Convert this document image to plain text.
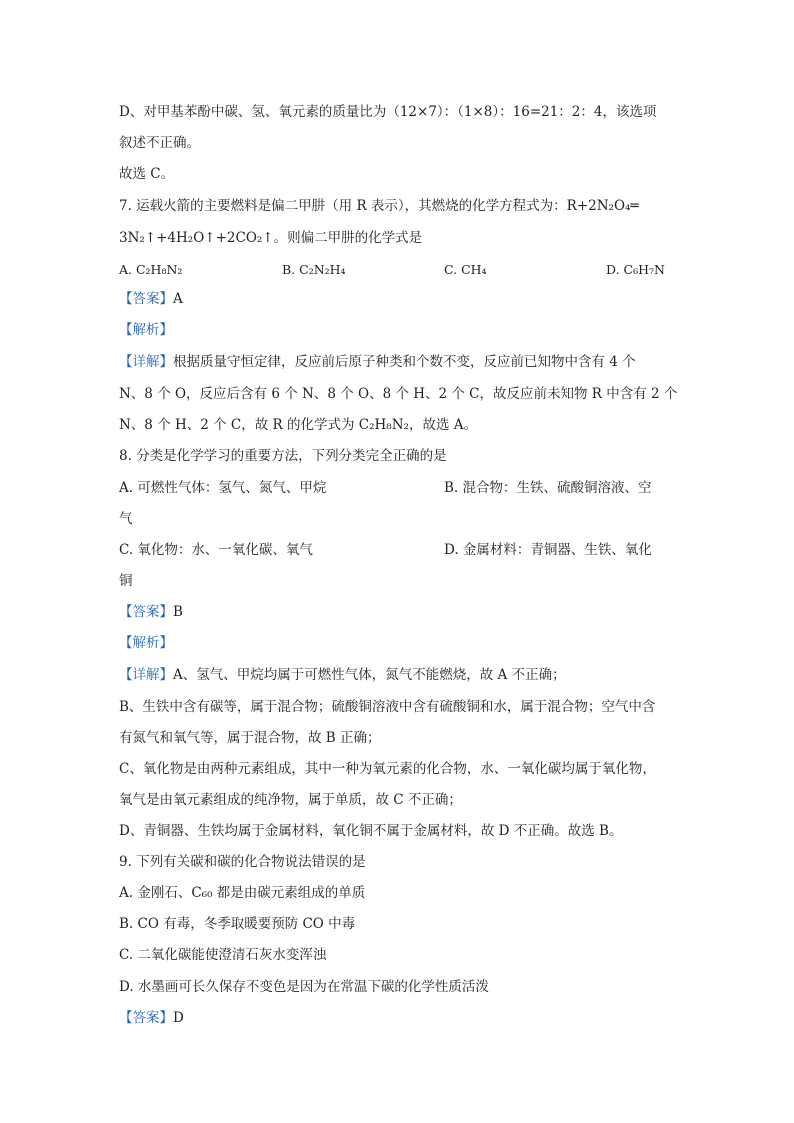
D、对甲基苯酚中碳、氢、氧元素的质量比为（12×7）：（1×8）：16=21：2：4，该选项
叙述不正确。
故选 C。
7. 运载火箭的主要燃料是偏二甲肼（用 R 表示），其燃烧的化学方程式为：R+2N₂O₄═
3N₂↑+4H₂O↑+2CO₂↑。则偏二甲肼的化学式是
A. C₂H₈N₂	B. C₂N₂H₄	C. CH₄	D. C₆H₇N
【答案】A
【解析】
【详解】根据质量守恒定律，反应前后原子种类和个数不变，反应前已知物中含有 4 个
N、8 个 O，反应后含有 6 个 N、8 个 O、8 个 H、2 个 C，故反应前未知物 R 中含有 2 个
N、8 个 H、2 个 C，故 R 的化学式为 C₂H₈N₂，故选 A。
8. 分类是化学学习的重要方法，下列分类完全正确的是
A. 可燃性气体：氢气、氮气、甲烷	B. 混合物：生铁、硫酸铜溶液、空
气
C. 氧化物：水、一氧化碳、氧气	D. 金属材料：青铜器、生铁、氧化
铜
【答案】B
【解析】
【详解】A、氢气、甲烷均属于可燃性气体，氮气不能燃烧，故 A 不正确；
B、生铁中含有碳等，属于混合物；硫酸铜溶液中含有硫酸铜和水，属于混合物；空气中含
有氮气和氧气等，属于混合物，故 B 正确；
C、氧化物是由两种元素组成，其中一种为氧元素的化合物，水、一氧化碳均属于氧化物，
氧气是由氧元素组成的纯净物，属于单质，故 C 不正确；
D、青铜器、生铁均属于金属材料，氧化铜不属于金属材料，故 D 不正确。故选 B。
9. 下列有关碳和碳的化合物说法错误的是
A. 金刚石、C₆₀ 都是由碳元素组成的单质
B. CO 有毒，冬季取暖要预防 CO 中毒
C. 二氧化碳能使澄清石灰水变浑浊
D. 水墨画可长久保存不变色是因为在常温下碳的化学性质活泼
【答案】D
